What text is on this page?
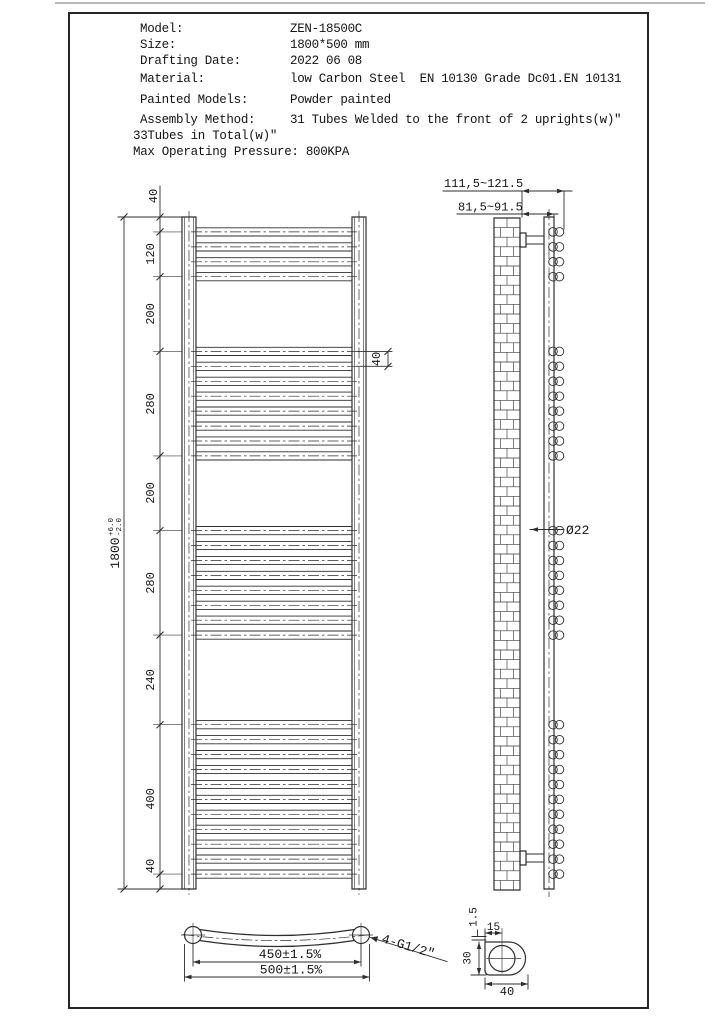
Model:	ZEN-18500C
Size:	1800*500 mm
Drafting Date:	2022 06 08
Material:	low Carbon Steel  EN 10130 Grade Dc01.EN 10131
Painted Models:	Powder painted
Assembly Method:	31 Tubes Welded to the front of 2 uprights(w)″
33Tubes in Total(w)″
Max Operating Pressure: 800KPA
40
120
200
280
200
280
240
400
40
1800
+6.0 -2.0
40
111,5~121.5
81,5~91.5
Ø22
450±1.5%
500±1.5%
4-G1/2″
1.5
15
30
40
